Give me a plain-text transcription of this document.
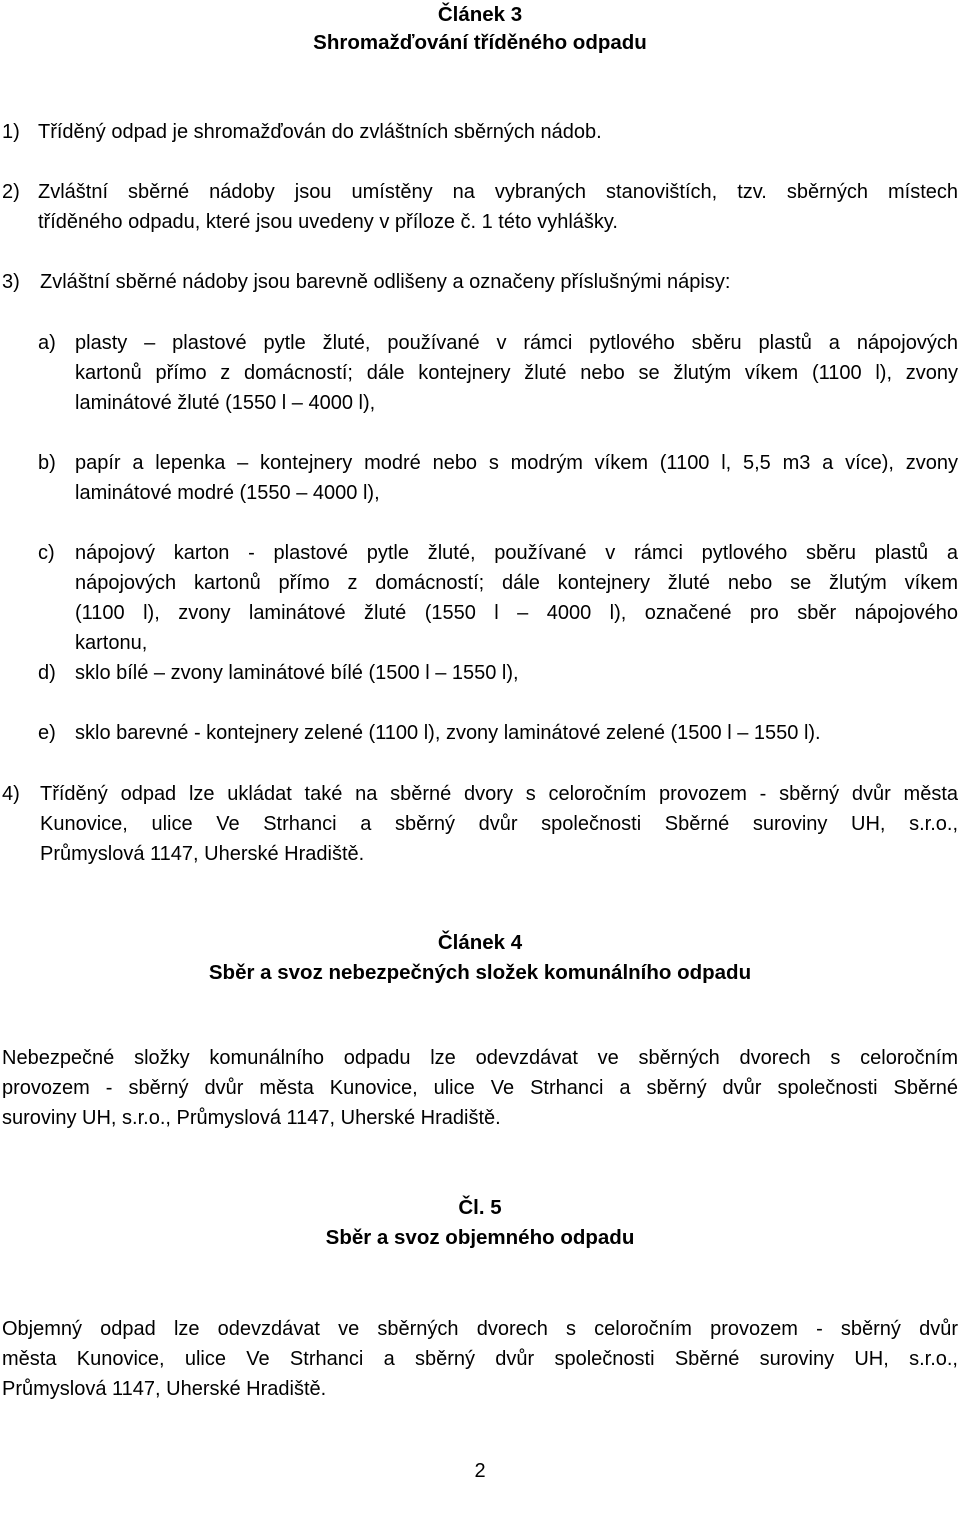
Článek 3
Shromažďování tříděného odpadu
1) Tříděný odpad je shromažďován do zvláštních sběrných nádob.
2) Zvláštní sběrné nádoby jsou umístěny na vybraných stanovištích, tzv. sběrných místech
tříděného odpadu, které jsou uvedeny v příloze č. 1 této vyhlášky.
3) Zvláštní sběrné nádoby jsou barevně odlišeny a označeny příslušnými nápisy:
a) plasty – plastové pytle žluté, používané v rámci pytlového sběru plastů a nápojových
kartonů přímo z domácností; dále kontejnery žluté nebo se žlutým víkem (1100 l), zvony
laminátové žluté (1550 l – 4000 l),
b) papír a lepenka – kontejnery modré nebo s modrým víkem (1100 l, 5,5 m3 a více), zvony
laminátové modré (1550 – 4000 l),
c) nápojový karton - plastové pytle žluté, používané v rámci pytlového sběru plastů a
nápojových kartonů přímo z domácností; dále kontejnery žluté nebo se žlutým víkem
(1100 l), zvony laminátové žluté (1550 l – 4000 l), označené pro sběr nápojového
kartonu,
d) sklo bílé – zvony laminátové bílé (1500 l – 1550 l),
e) sklo barevné - kontejnery zelené (1100 l), zvony laminátové zelené (1500 l – 1550 l).
4) Tříděný odpad lze ukládat také na sběrné dvory s celoročním provozem - sběrný dvůr města
Kunovice, ulice Ve Strhanci a sběrný dvůr společnosti Sběrné suroviny UH, s.r.o.,
Průmyslová 1147, Uherské Hradiště.
Článek 4
Sběr a svoz nebezpečných složek komunálního odpadu
Nebezpečné složky komunálního odpadu lze odevzdávat ve sběrných dvorech s celoročním
provozem - sběrný dvůr města Kunovice, ulice Ve Strhanci a sběrný dvůr společnosti Sběrné
suroviny UH, s.r.o., Průmyslová 1147, Uherské Hradiště.
Čl. 5
Sběr a svoz objemného odpadu
Objemný odpad lze odevzdávat ve sběrných dvorech s celoročním provozem - sběrný dvůr
města Kunovice, ulice Ve Strhanci a sběrný dvůr společnosti Sběrné suroviny UH, s.r.o.,
Průmyslová 1147, Uherské Hradiště.
2
